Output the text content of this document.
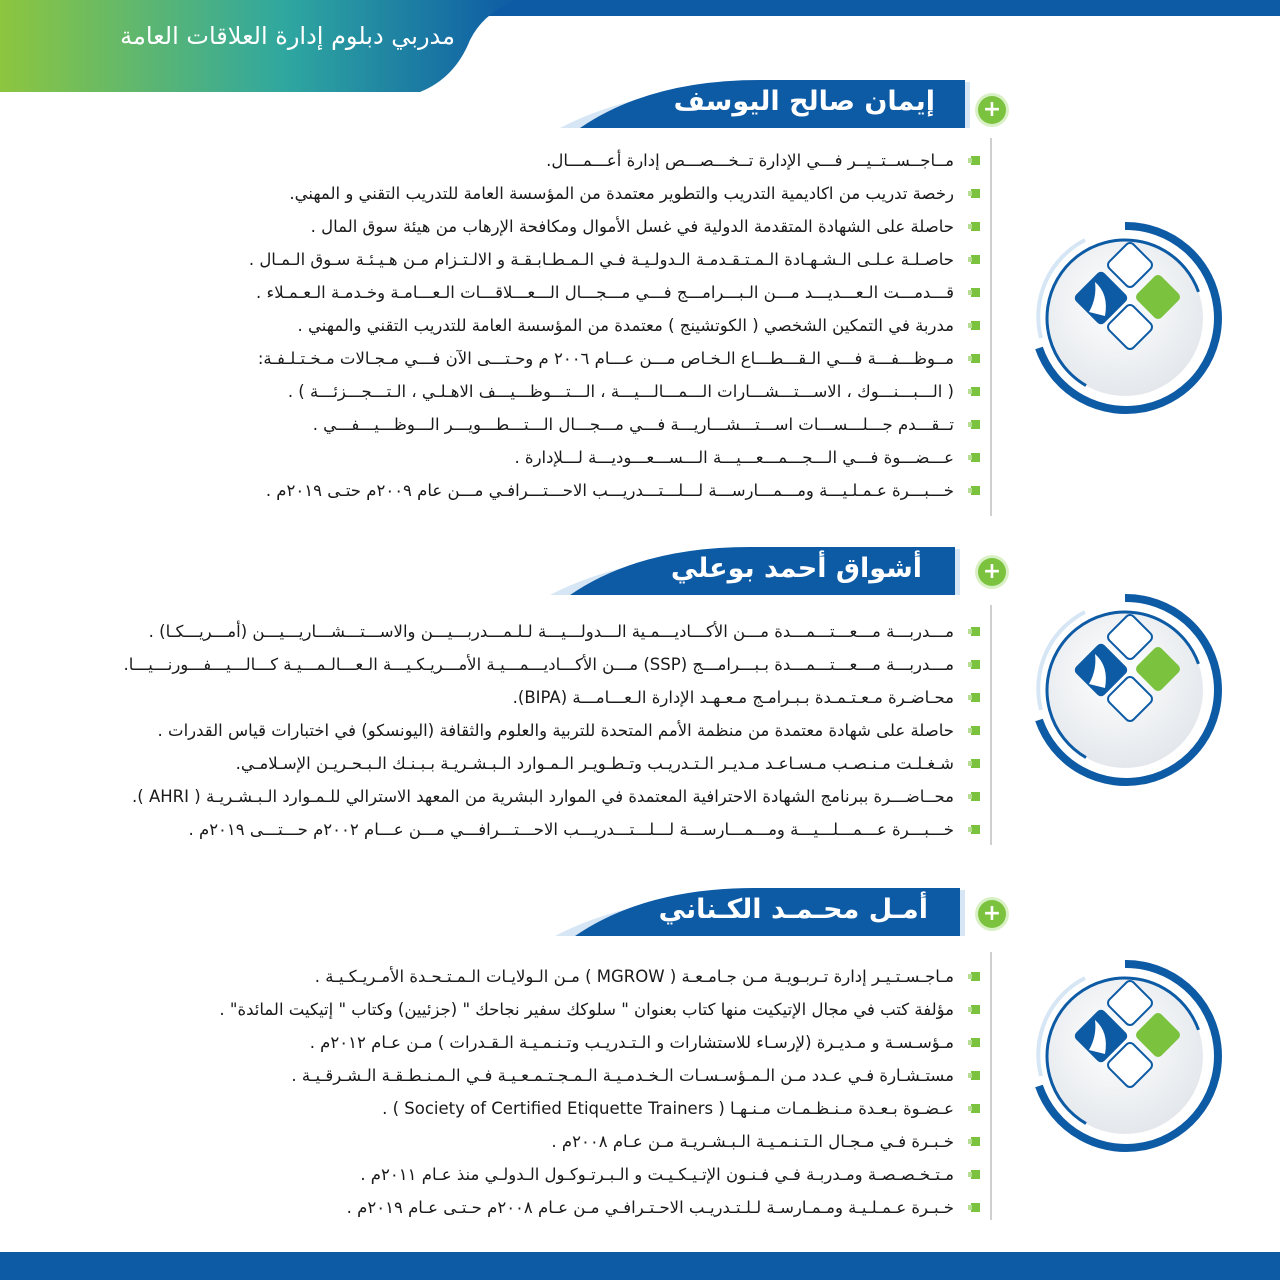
مدربي دبلوم إدارة العلاقات العامة
إيمان صالح اليوسف +
مــاجــســتــيــر فـــي الإدارة تــخـــصـــص إدارة أعـــمـــال.
رخصة تدريب من اكاديمية التدريب والتطوير معتمدة من المؤسسة العامة للتدريب التقني و المهني.
حاصلة على الشهادة المتقدمة الدولية في غسل الأموال ومكافحة الإرهاب من هيئة سوق المال .
حاصـلـة عـلـى الـشـهـادة الـمـتـقـدمـة الـدولـيـة فـي الـمـطـابـقـة و الالـتـزام مـن هـيـئـة سـوق الـمـال .
قـــدمـــت الـعـــديـــد مـــن الـبـــرامـــج فـــي مـــجـــال الـــعـــلاقـــات الـعـــامـة وخـدمـة الـعـمـلاء .
مدربة في التمكين الشخصي ( الكوتشينج ) معتمدة من المؤسسة العامة للتدريب التقني والمهني .
مــوظـــفـــة فـــي الـقـــطـــاع الـخـاص مـــن عـــام ٢٠٠٦ م وحـتـــى الآن فـــي مـجـالات مـخـتـلـفـة:
( الـــبـــنـــوك ، الاســـتـــشـــارات الـــمـــالـــيـــة ، الـــتـــوظـــيـــف الاهـلـي ، الـتـــجـــزئـــة ) .
تــقـــدم جـــلـــســـات اســـتـــشـــاريـــة فـــي مـــجـــال الـــتـــطـــويـــر الـــوظـــيـــفـــي .
عـــضـــوة فـــي الـــجـــمـــعـــيـــة الـــســـعـــوديـــة لـــلإدارة .
خـــبـــرة عـمـلـيـــة ومـــمـــارســـة لـــلـــتـــدريـــب الاحـــتـــرافـي مـــن عام ٢٠٠٩م حتـى ٢٠١٩م .
أشواق أحمد بوعلي	+
مـــدربـــة مـــعـــتـــمـــدة مـــن الأكـــاديـــمـية الـــدولـــيـــة لـلـمـــدربـــيـــن والاســـتـــشـــاريـــيـــن (أمـــريـــكـا) .
مـــدربـــة مـــعـــتـــمـــدة بـبـــرامـــج (SSP) مـــن الأكـــاديـــمـــيـة الأمـــريـكـيـــة الـعـــالـمـــيـة كـــالـــيـــفـــورنـــيـــا.
محـاضـرة مـعـتـمـدة بـبـرامـج مـعـهـد الإدارة الـعـــامـــة (BIPA).
حاصلة على شهادة معتمدة من منظمة الأمم المتحدة للتربية والعلوم والثقافة (اليونسكو) في اختبارات قياس القدرات .
شـغـلـت مـنـصـب مـسـاعـد مـديـر الـتـدريـب وتـطـويـر الـمـوارد الـبـشـريـة بـبـنـك الـبـحـريـن الإسـلامـي.
محــاضـــرة ببرنامج الشهادة الاحترافية المعتمدة في الموارد البشرية من المعهد الاسترالي للـمـوارد الـبـشـريـة ( AHRI ).
خـــبـــرة عـــمـــلـــيـــة ومـــمـــارســـة لـــلـــتـــدريـــب الاحـــتـــرافـــي مـــن عـــام ٢٠٠٢م حـــتـــى ٢٠١٩م .
أمـل محـمـد الكـناني +
مـاجـسـتـيـر إدارة تـربـويـة مـن جـامـعـة ( MGROW ) مـن الـولايـات الـمـتـحـدة الأمـريـكـيـة .
مؤلفة كتب في مجال الإتيكيت منها كتاب بعنوان " سلوكك سفير نجاحك " (جزئيين) وكتاب " إتيكيت المائدة" .
مـؤسـسـة و مـديـرة (لإرسـاء للاستشارات و الـتـدريـب وتـنـمـيـة الـقـدرات ) مـن عـام ٢٠١٢م .
مستـشـارة فـي عـدد مـن الـمـؤسـسـات الـخـدمـيـة الـمـجـتـمـعـيـة فـي الـمـنـطـقـة الـشـرقـيـة .
عـضـوة بـعـدة مـنـظـمـات مـنـهـا ( Society of Certified Etiquette Trainers ) .
خـبـرة فـي مـجـال الـتـنـمـيـة الـبـشـريـة مـن عـام ٢٠٠٨م .
مـتـخـصـصـة ومـدربـة فـي فـنـون الإتـيـكـيـت و الـبـرتـوكـول الـدولـي منذ عـام ٢٠١١م .
خـبـرة عـمـلـيـة ومـمـارسـة لـلـتـدريـب الاحـتـرافـي مـن عـام ٢٠٠٨م حـتـى عـام ٢٠١٩م .
